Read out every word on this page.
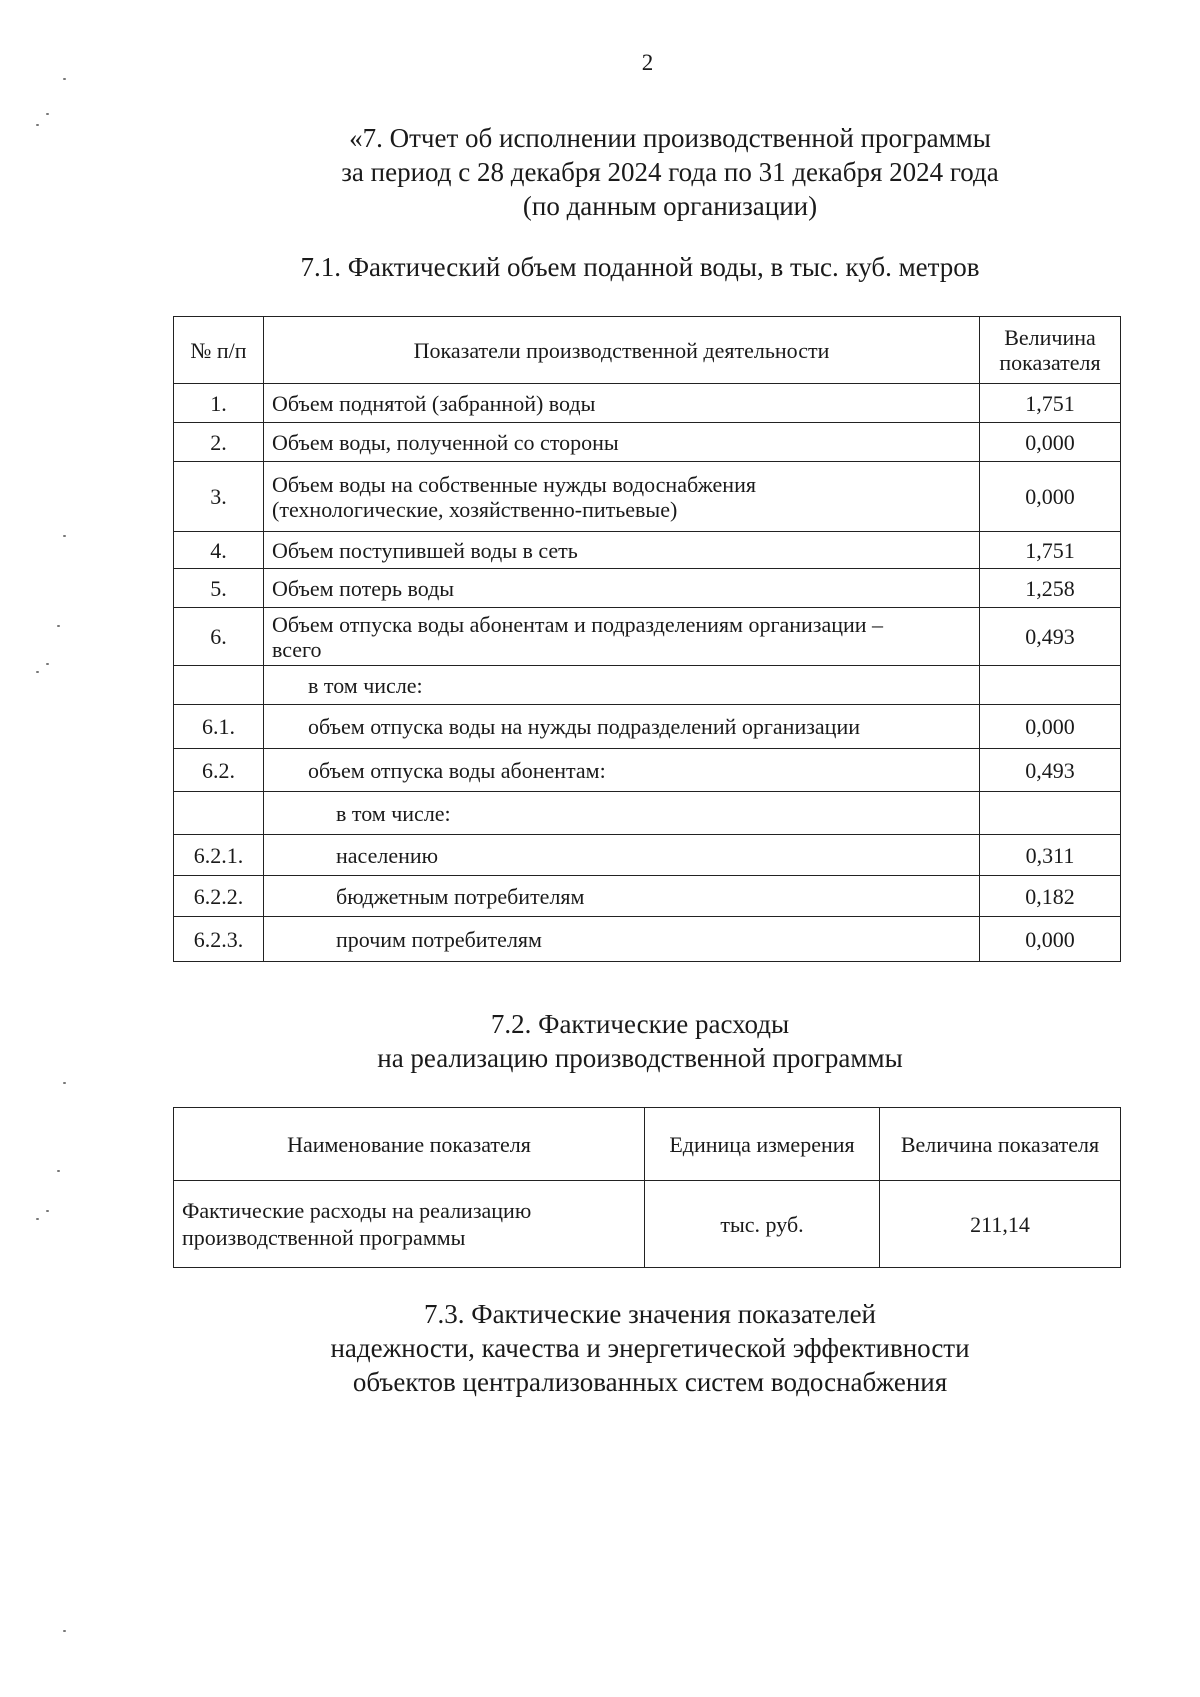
2
«7. Отчет об исполнении производственной программы
за период с 28 декабря 2024 года по 31 декабря 2024 года
(по данным организации)
7.1. Фактический объем поданной воды, в тыс. куб. метров
№ п/п	Показатели производственной деятельности	Величина
показателя
1.	Объем поднятой (забранной) воды	1,751
2.	Объем воды, полученной со стороны	0,000
3.	Объем воды на собственные нужды водоснабжения
(технологические, хозяйственно-питьевые)	0,000
4.	Объем поступившей воды в сеть	1,751
5.	Объем потерь воды	1,258
6.	Объем отпуска воды абонентам и подразделениям организации –
всего	0,493
	в том числе:	
6.1.	объем отпуска воды на нужды подразделений организации	0,000
6.2.	объем отпуска воды абонентам:	0,493
	в том числе:	
6.2.1.	населению	0,311
6.2.2.	бюджетным потребителям	0,182
6.2.3.	прочим потребителям	0,000
7.2. Фактические расходы
на реализацию производственной программы
Наименование показателя	Единица измерения	Величина показателя
Фактические расходы на реализацию
производственной программы	тыс. руб.	211,14
7.3. Фактические значения показателей
надежности, качества и энергетической эффективности
объектов централизованных систем водоснабжения
